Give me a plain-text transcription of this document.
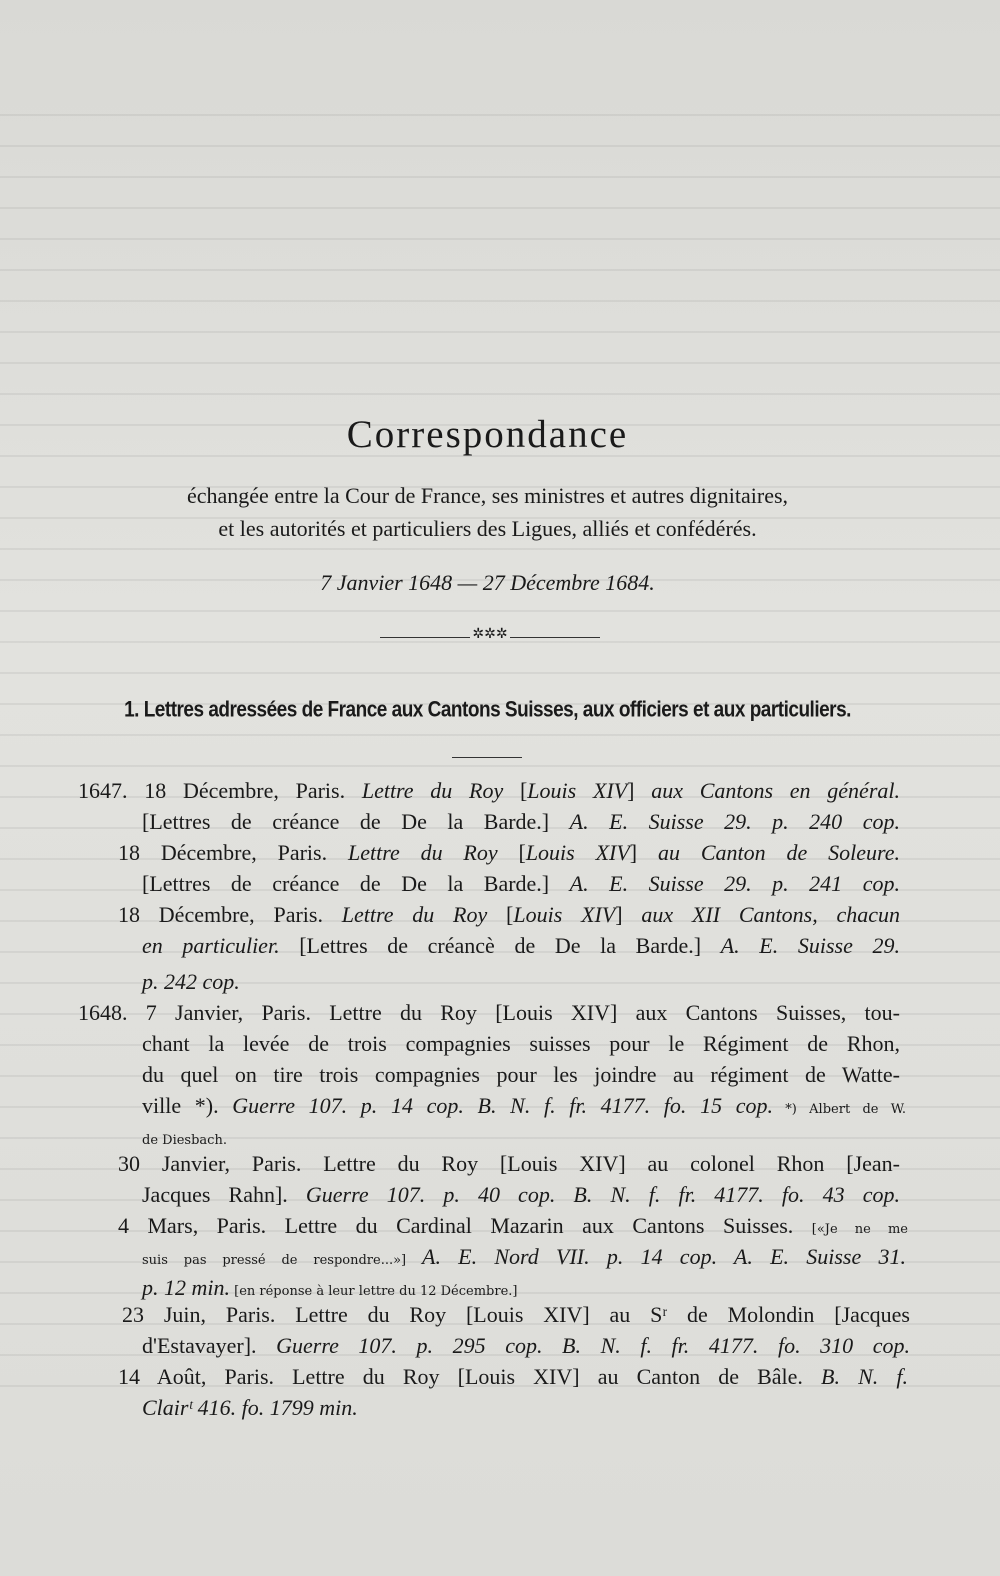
Correspondance
échangée entre la Cour de France, ses ministres et autres dignitaires,
et les autorités et particuliers des Ligues, alliés et confédérés.
7 Janvier 1648 — 27 Décembre 1684.
✲✲✲
1. Lettres adressées de France aux Cantons Suisses, aux officiers et aux particuliers.
1647. 18 Décembre, Paris. Lettre du Roy [Louis XIV] aux Cantons en général.
[Lettres de créance de De la Barde.] A. E. Suisse 29. p. 240 cop.
18 Décembre, Paris. Lettre du Roy [Louis XIV] au Canton de Soleure.
[Lettres de créance de De la Barde.] A. E. Suisse 29. p. 241 cop.
18 Décembre, Paris. Lettre du Roy [Louis XIV] aux XII Cantons, chacun
en particulier. [Lettres de créancè de De la Barde.] A. E. Suisse 29.
p. 242 cop.
1648. 7 Janvier, Paris. Lettre du Roy [Louis XIV] aux Cantons Suisses, tou-
chant la levée de trois compagnies suisses pour le Régiment de Rhon,
du quel on tire trois compagnies pour les joindre au régiment de Watte-
ville *). Guerre 107. p. 14 cop. B. N. f. fr. 4177. fo. 15 cop. *) Albert de W.
de Diesbach.
30 Janvier, Paris. Lettre du Roy [Louis XIV] au colonel Rhon [Jean-
Jacques Rahn]. Guerre 107. p. 40 cop. B. N. f. fr. 4177. fo. 43 cop.
4 Mars, Paris. Lettre du Cardinal Mazarin aux Cantons Suisses. [«Je ne me
suis pas pressé de respondre...»] A. E. Nord VII. p. 14 cop. A. E. Suisse 31.
p. 12 min. [en réponse à leur lettre du 12 Décembre.]
23 Juin, Paris. Lettre du Roy [Louis XIV] au Sʳ de Molondin [Jacques
d'Estavayer]. Guerre 107. p. 295 cop. B. N. f. fr. 4177. fo. 310 cop.
14 Août, Paris. Lettre du Roy [Louis XIV] au Canton de Bâle. B. N. f.
Clairᵗ 416. fo. 1799 min.
